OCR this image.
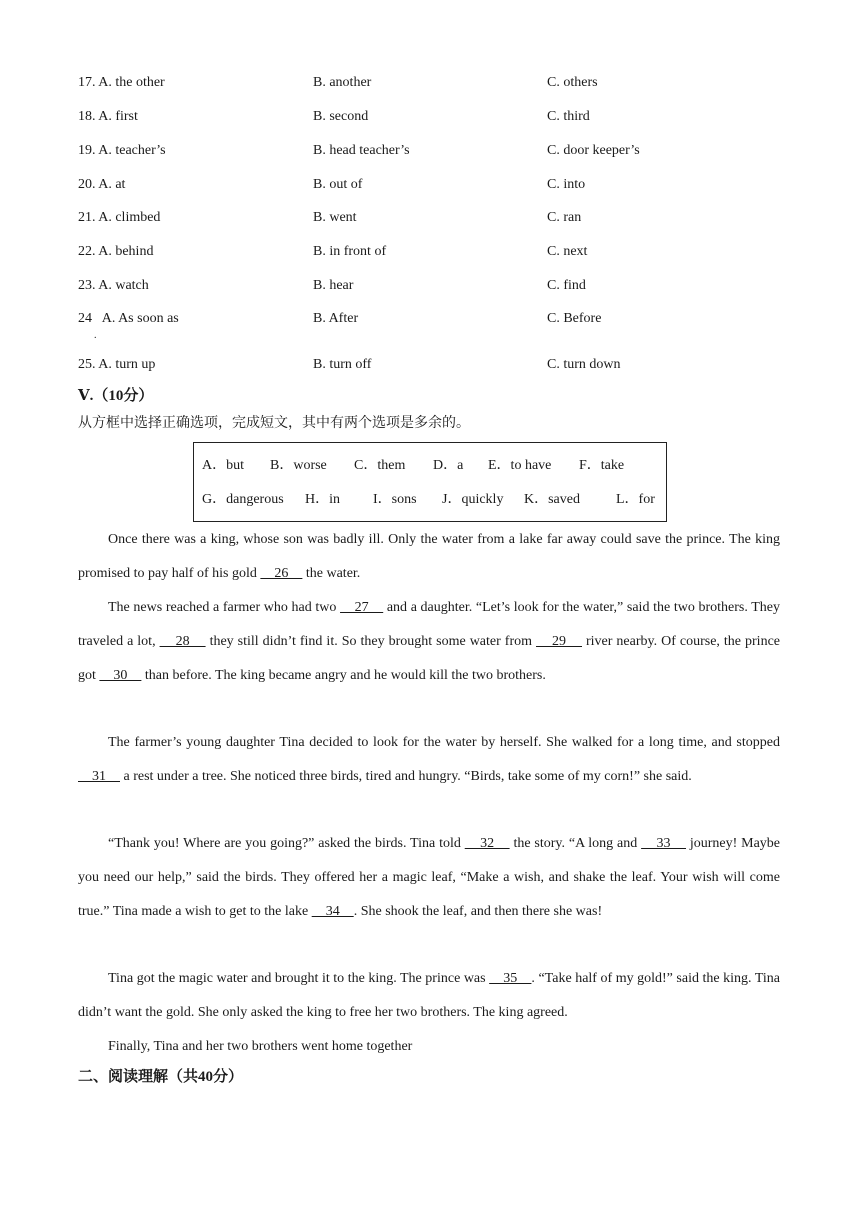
17. A. the other	B. another	C. others
18. A. first	B. second	C. third
19. A. teacher’s	B. head teacher’s	C. door keeper’s
20. A. at	B. out of	C. into
21. A. climbed	B. went	C. ran
22. A. behind	B. in front of	C. next
23. A. watch	B. hear	C. find
24   A. As soon as	B. After	C. Before
.
25. A. turn up	B. turn off	C. turn down
Ⅴ.（10分）
从方框中选择正确选项，完成短文，其中有两个选项是多余的。
A．but B．worse C．them D．a E．to have F．take
G．dangerous H．in I．sons J．quickly K．saved	L．for
Once there was a king, whose son was badly ill. Only the water from a lake far away could save the prince. The king promised to pay half of his gold     26     the water.
The news reached a farmer who had two     27     and a daughter. “Let’s look for the water,” said the two brothers. They traveled a lot,     28     they still didn’t find it. So they brought some water from     29     river nearby. Of course, the prince got     30     than before. The king became angry and he would kill the two brothers.
The farmer’s young daughter Tina decided to look for the water by herself. She walked for a long time, and stopped     31     a rest under a tree. She noticed three birds, tired and hungry. “Birds, take some of my corn!” she said.
“Thank you! Where are you going?” asked the birds. Tina told     32     the story. “A long and     33     journey! Maybe you need our help,” said the birds. They offered her a magic leaf, “Make a wish, and shake the leaf. Your wish will come true.” Tina made a wish to get to the lake     34    . She shook the leaf, and then there she was!
Tina got the magic water and brought it to the king. The prince was     35    . “Take half of my gold!” said the king. Tina didn’t want the gold. She only asked the king to free her two brothers. The king agreed.
Finally, Tina and her two brothers went home together
二、阅读理解（共40分）
